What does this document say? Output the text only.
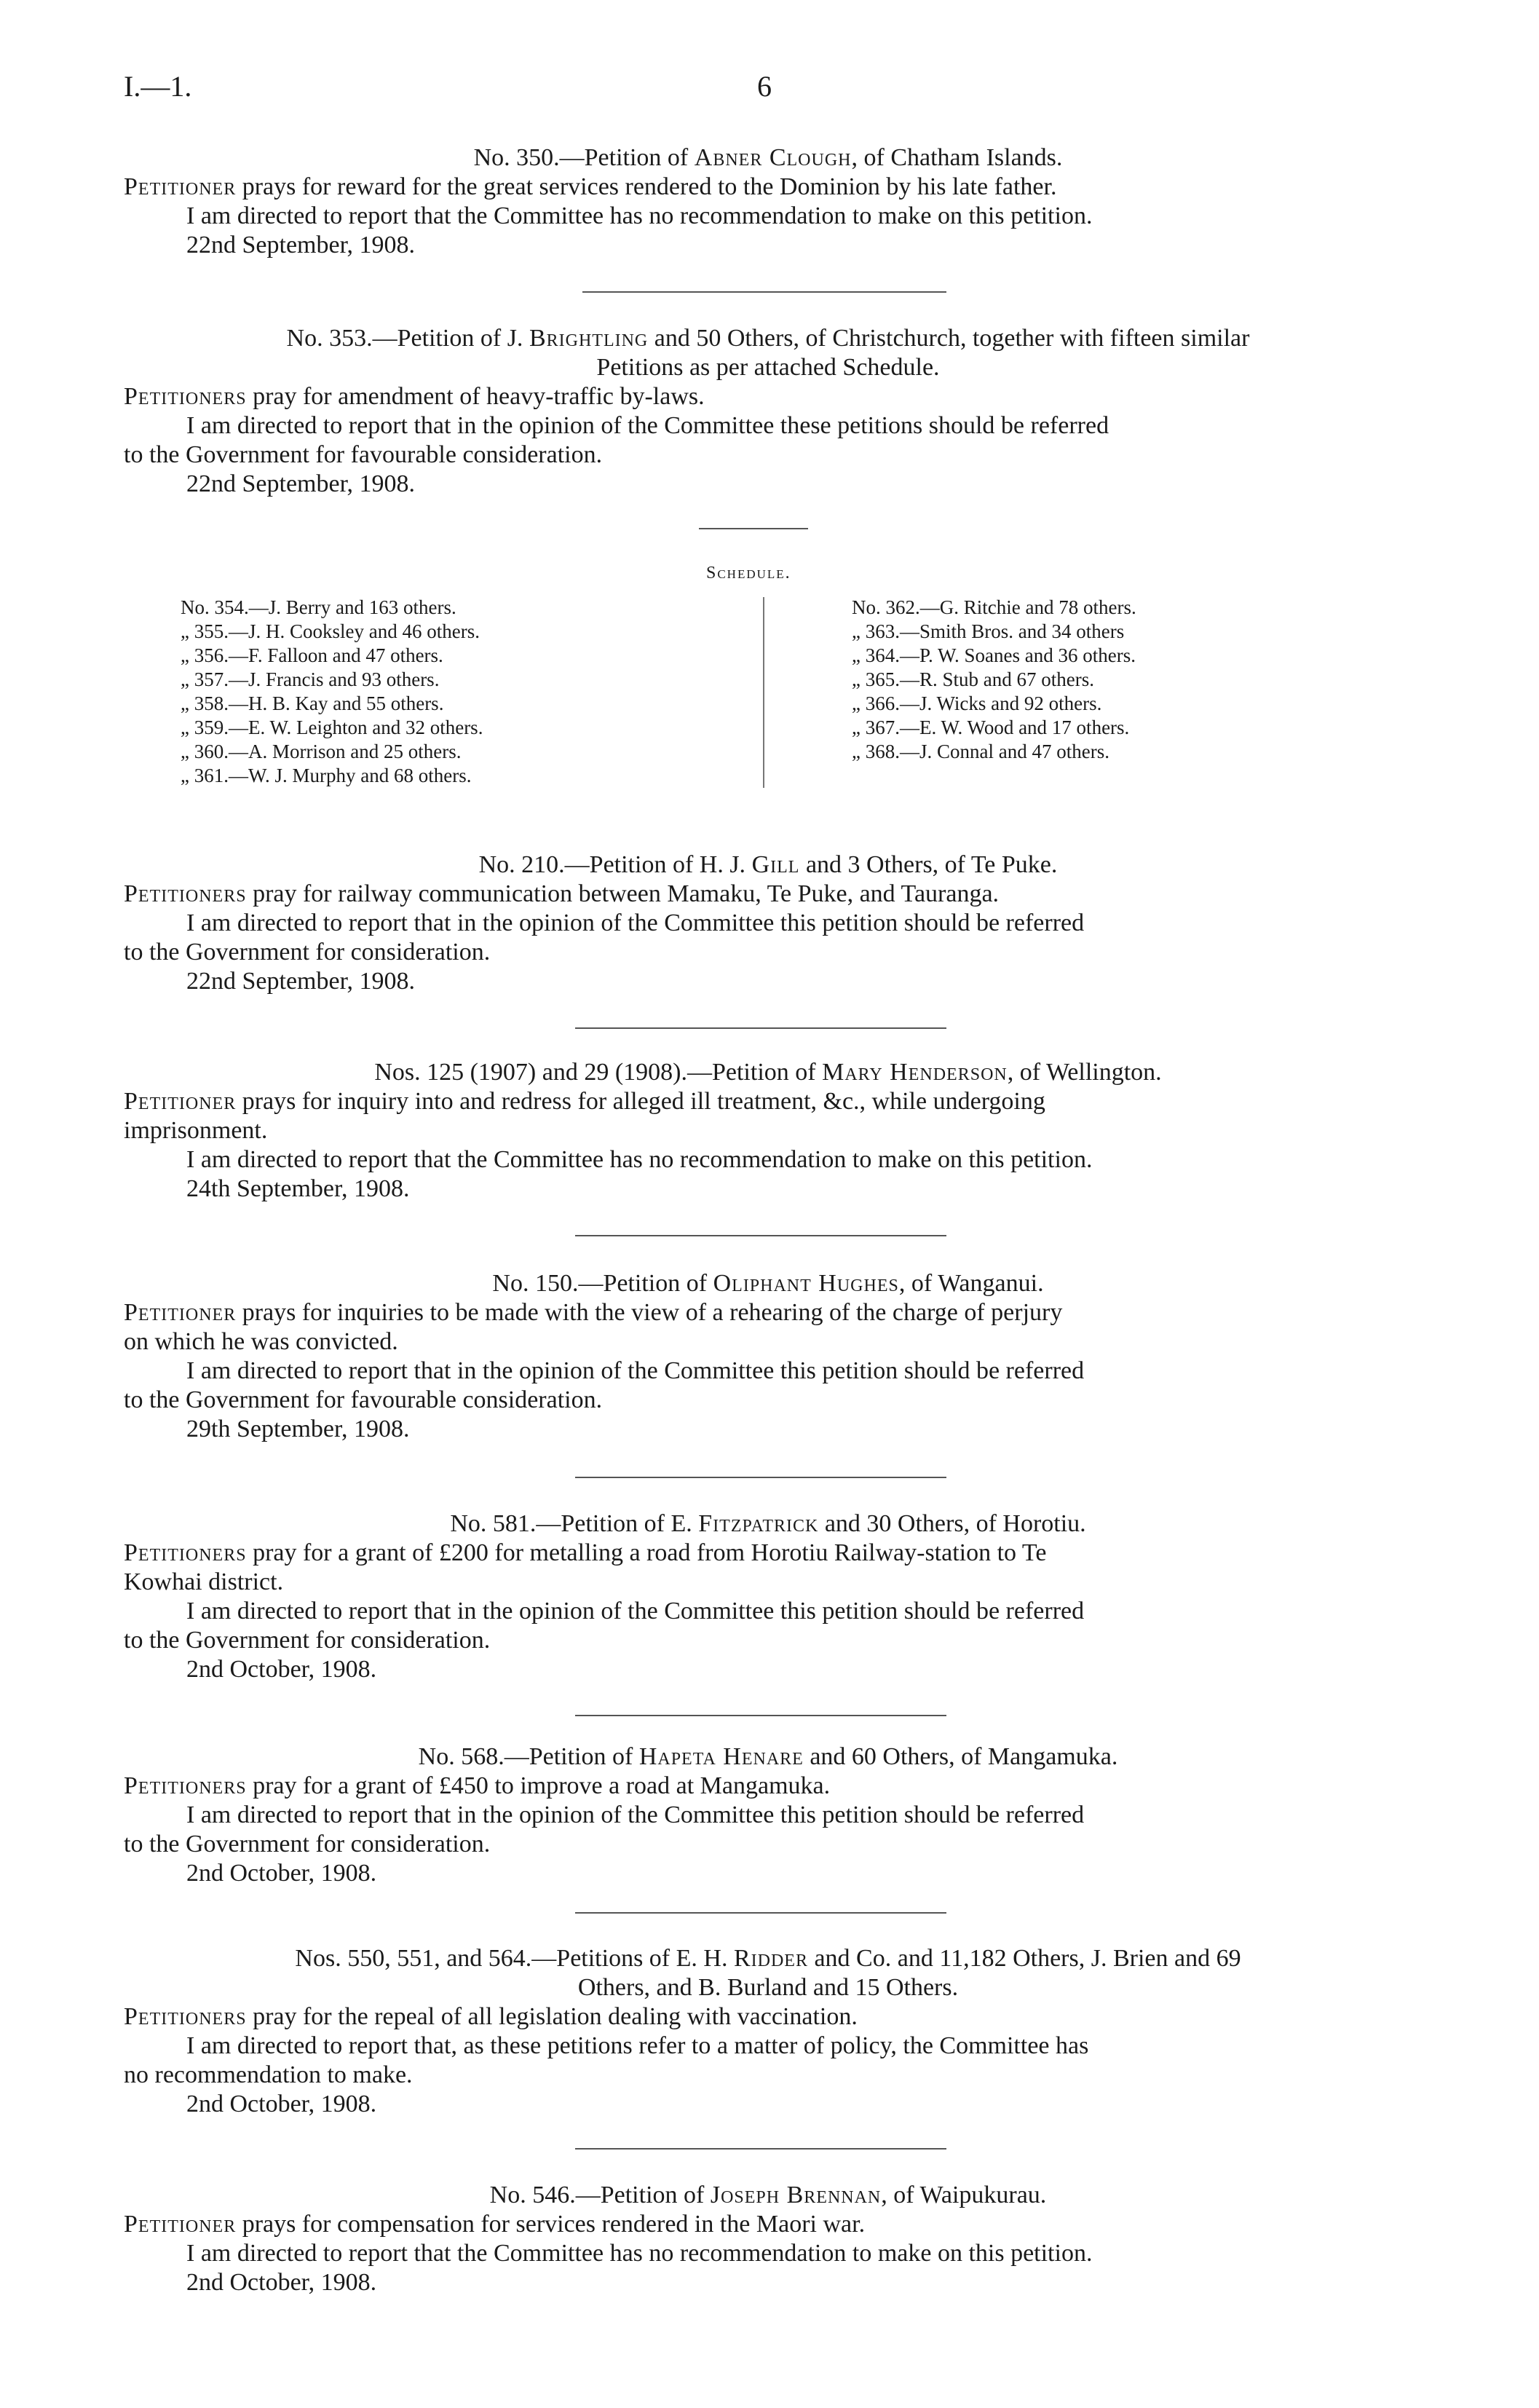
I.—1.	6
No. 350.—Petition of Abner Clough, of Chatham Islands.
Petitioner prays for reward for the great services rendered to the Dominion by his late father.
I am directed to report that the Committee has no recommendation to make on this petition.
22nd September, 1908.
No. 353.—Petition of J. Brightling and 50 Others, of Christchurch, together with fifteen similar
Petitions as per attached Schedule.
Petitioners pray for amendment of heavy-traffic by-laws.
I am directed to report that in the opinion of the Committee these petitions should be referred
to the Government for favourable consideration.
22nd September, 1908.
Schedule.
No. 354.—J. Berry and 163 others.
„ 355.—J. H. Cooksley and 46 others.
„ 356.—F. Falloon and 47 others.
„ 357.—J. Francis and 93 others.
„ 358.—H. B. Kay and 55 others.
„ 359.—E. W. Leighton and 32 others.
„ 360.—A. Morrison and 25 others.
„ 361.—W. J. Murphy and 68 others.
No. 362.—G. Ritchie and 78 others.
„ 363.—Smith Bros. and 34 others
„ 364.—P. W. Soanes and 36 others.
„ 365.—R. Stub and 67 others.
„ 366.—J. Wicks and 92 others.
„ 367.—E. W. Wood and 17 others.
„ 368.—J. Connal and 47 others.
No. 210.—Petition of H. J. Gill and 3 Others, of Te Puke.
Petitioners pray for railway communication between Mamaku, Te Puke, and Tauranga.
I am directed to report that in the opinion of the Committee this petition should be referred
to the Government for consideration.
22nd September, 1908.
Nos. 125 (1907) and 29 (1908).—Petition of Mary Henderson, of Wellington.
Petitioner prays for inquiry into and redress for alleged ill treatment, &c., while undergoing
imprisonment.
I am directed to report that the Committee has no recommendation to make on this petition.
24th September, 1908.
No. 150.—Petition of Oliphant Hughes, of Wanganui.
Petitioner prays for inquiries to be made with the view of a rehearing of the charge of perjury
on which he was convicted.
I am directed to report that in the opinion of the Committee this petition should be referred
to the Government for favourable consideration.
29th September, 1908.
No. 581.—Petition of E. Fitzpatrick and 30 Others, of Horotiu.
Petitioners pray for a grant of £200 for metalling a road from Horotiu Railway-station to Te
Kowhai district.
I am directed to report that in the opinion of the Committee this petition should be referred
to the Government for consideration.
2nd October, 1908.
No. 568.—Petition of Hapeta Henare and 60 Others, of Mangamuka.
Petitioners pray for a grant of £450 to improve a road at Mangamuka.
I am directed to report that in the opinion of the Committee this petition should be referred
to the Government for consideration.
2nd October, 1908.
Nos. 550, 551, and 564.—Petitions of E. H. Ridder and Co. and 11,182 Others, J. Brien and 69
Others, and B. Burland and 15 Others.
Petitioners pray for the repeal of all legislation dealing with vaccination.
I am directed to report that, as these petitions refer to a matter of policy, the Committee has
no recommendation to make.
2nd October, 1908.
No. 546.—Petition of Joseph Brennan, of Waipukurau.
Petitioner prays for compensation for services rendered in the Maori war.
I am directed to report that the Committee has no recommendation to make on this petition.
2nd October, 1908.
